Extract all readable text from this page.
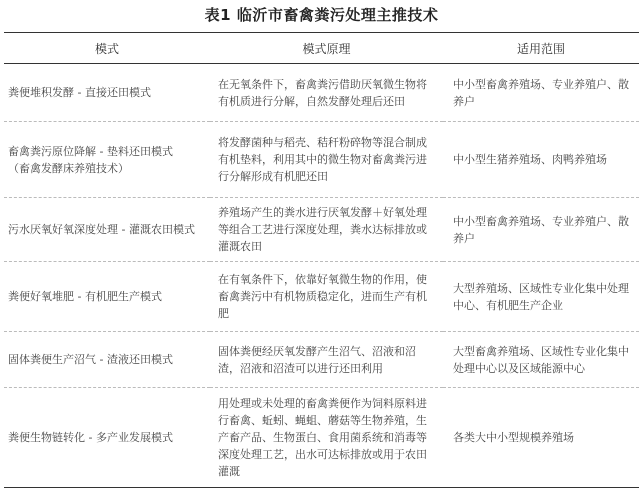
表1 临沂市畜禽粪污处理主推技术
模式	模式原理	适用范围
粪便堆积发酵 - 直接还田模式	在无氧条件下，畜禽粪污借助厌氧微生物将有机质进行分解，自然发酵处理后还田	中小型畜禽养殖场、专业养殖户、散养户

畜禽粪污原位降解 - 垫料还田模式
（畜禽发酵床养殖技术）	将发酵菌种与稻壳、秸秆粉碎物等混合制成有机垫料，利用其中的微生物对畜禽粪污进行分解形成有机肥还田	中小型生猪养殖场、肉鸭养殖场
污水厌氧好氧深度处理 - 灌溉农田模式	养殖场产生的粪水进行厌氧发酵＋好氧处理等组合工艺进行深度处理，粪水达标排放或灌溉农田	中小型畜禽养殖场、专业养殖户、散养户
粪便好氧堆肥 - 有机肥生产模式	在有氧条件下，依靠好氧微生物的作用，使畜禽粪污中有机物质稳定化，进而生产有机肥	大型养殖场、区域性专业化集中处理中心、有机肥生产企业
固体粪便生产沼气 - 渣液还田模式	固体粪便经厌氧发酵产生沼气、沼液和沼渣，沼液和沼渣可以进行还田利用	大型畜禽养殖场、区域性专业化集中处理中心以及区域能源中心
粪便生物链转化 - 多产业发展模式	用处理或未处理的畜禽粪便作为饲料原料进行畜禽、蚯蚓、蝇蛆、蘑菇等生物养殖，生产畜产品、生物蛋白、食用菌系统和消毒等深度处理工艺，出水可达标排放或用于农田灌溉	各类大中小型规模养殖场
